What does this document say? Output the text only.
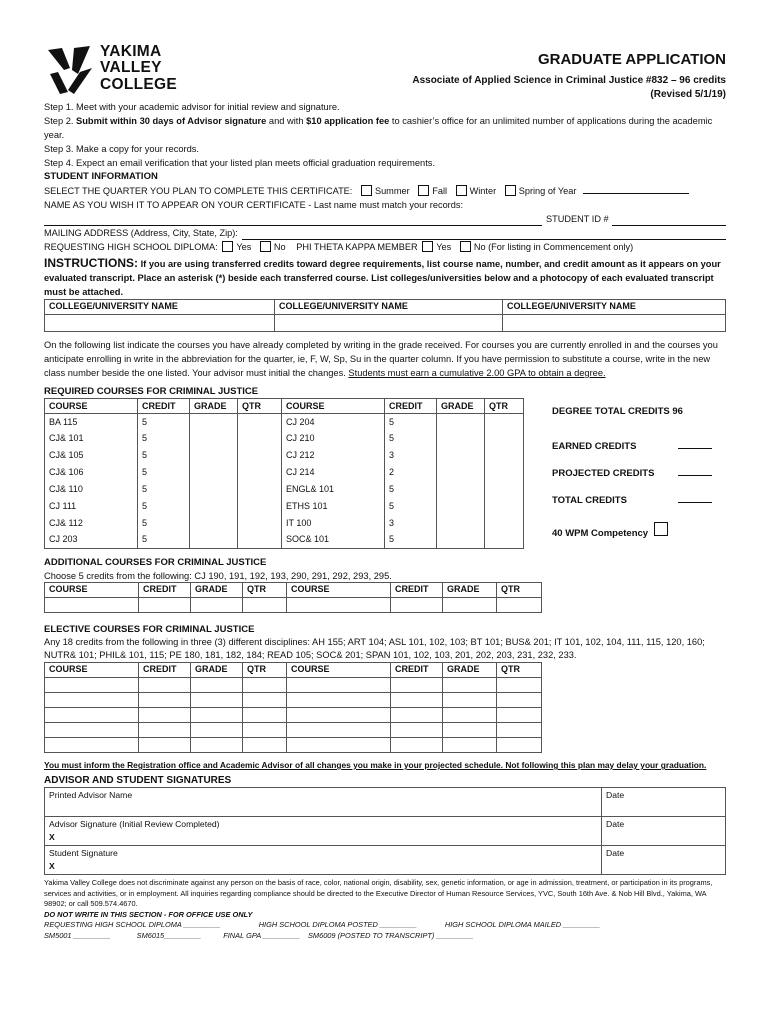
YAKIMA
VALLEY
COLLEGE
GRADUATE APPLICATION
Associate of Applied Science in Criminal Justice #832 – 96 credits
(Revised 5/1/19)
Step 1. Meet with your academic advisor for initial review and signature.
Step 2. Submit within 30 days of Advisor signature and with $10 application fee to cashier’s office for an unlimited number of applications during the academic year.
Step 3. Make a copy for your records.
Step 4. Expect an email verification that your listed plan meets official graduation requirements.
STUDENT INFORMATION
SELECT THE QUARTER YOU PLAN TO COMPLETE THIS CERTIFICATE: Summer Fall Winter Spring of Year
NAME AS YOU WISH IT TO APPEAR ON YOUR CERTIFICATE - Last name must match your records:
STUDENT ID #
MAILING ADDRESS (Address, City, State, Zip):
REQUESTING HIGH SCHOOL DIPLOMA: Yes No PHI THETA KAPPA MEMBER Yes No (For listing in Commencement only)
INSTRUCTIONS: If you are using transferred credits toward degree requirements, list course name, number, and credit amount as it appears on your evaluated transcript. Place an asterisk (*) beside each transferred course. List colleges/universities below and a photocopy of each evaluated transcript must be attached.
COLLEGE/UNIVERSITY NAME	COLLEGE/UNIVERSITY NAME	COLLEGE/UNIVERSITY NAME

On the following list indicate the courses you have already completed by writing in the grade received. For courses you are currently enrolled in and the courses you anticipate enrolling in write in the abbreviation for the quarter, ie, F, W, Sp, Su in the quarter column. If you have permission to substitute a course, write in the new class number beside the one listed. Your advisor must initial the changes. Students must earn a cumulative 2.00 GPA to obtain a degree.
REQUIRED COURSES FOR CRIMINAL JUSTICE
COURSE	CREDIT	GRADE	QTR	COURSE	CREDIT	GRADE	QTR
BA 115	5			CJ 204	5		
CJ& 101	5			CJ 210	5		
CJ& 105	5			CJ 212	3		
CJ& 106	5			CJ 214	2		
CJ& 110	5			ENGL& 101	5		
CJ 111	5			ETHS 101	5		
CJ& 112	5			IT 100	3		
CJ 203	5			SOC& 101	5		
DEGREE TOTAL CREDITS 96
EARNED CREDITS
PROJECTED CREDITS
TOTAL CREDITS
40 WPM Competency
ADDITIONAL COURSES FOR CRIMINAL JUSTICE
Choose 5 credits from the following: CJ 190, 191, 192, 193, 290, 291, 292, 293, 295.
COURSE	CREDIT	GRADE	QTR	COURSE	CREDIT	GRADE	QTR

ELECTIVE COURSES FOR CRIMINAL JUSTICE
Any 18 credits from the following in three (3) different disciplines: AH 155; ART 104; ASL 101, 102, 103; BT 101; BUS& 201; IT 101, 102, 104, 111, 115, 120, 160; NUTR& 101; PHIL& 101, 115; PE 180, 181, 182, 184; READ 105; SOC& 201; SPAN 101, 102, 103, 201, 202, 203, 231, 232, 233.
COURSE	CREDIT	GRADE	QTR	COURSE	CREDIT	GRADE	QTR

You must inform the Registration office and Academic Advisor of all changes you make in your projected schedule. Not following this plan may delay your graduation.
ADVISOR AND STUDENT SIGNATURES
Printed Advisor Name	Date

Advisor Signature (Initial Review Completed)
X	Date

Student Signature
X	Date
Yakima Valley College does not discriminate against any person on the basis of race, color, national origin, disability, sex, genetic information, or age in admission, treatment, or participation in its programs, services and activities, or in employment. All inquiries regarding compliance should be directed to the Executive Director of Human Resource Services, YVC, South 16th Ave. & Nob Hill Blvd., Yakima, WA 98902; or call 509.574.4670.
DO NOT WRITE IN THIS SECTION - FOR OFFICE USE ONLY
REQUESTING HIGH SCHOOL DIPLOMA _________	HIGH SCHOOL DIPLOMA POSTED _________	HIGH SCHOOL DIPLOMA MAILED _________
SM5001 _________	SM6015_________	FINAL GPA _________ SM6009 (POSTED TO TRANSCRIPT) _________
